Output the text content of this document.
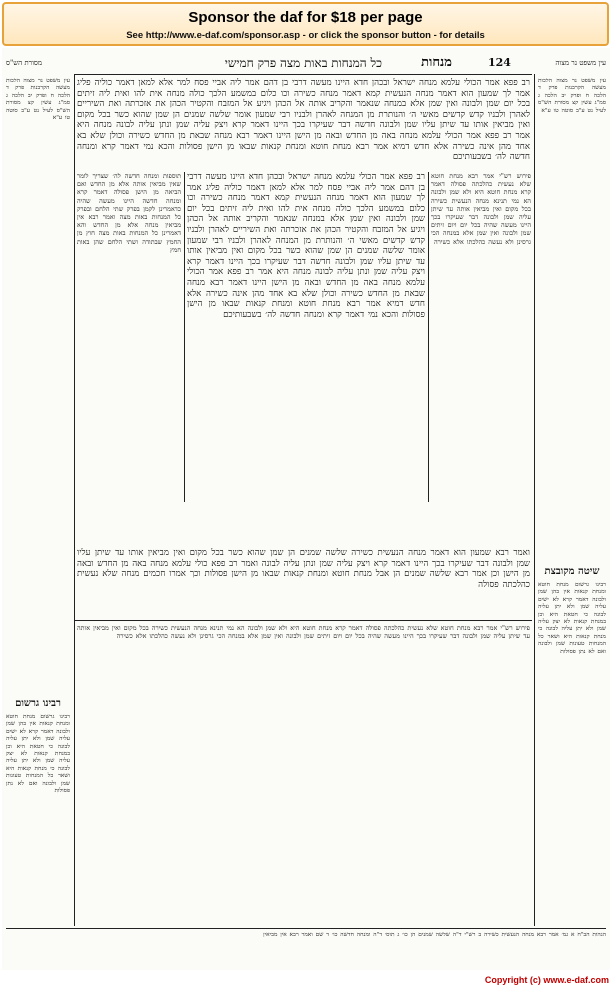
Sponsor the daf for $18 per page
See http://www.e-daf.com/sponsor.asp - or click the sponsor button - for details
מסורת הש"ס	כל המנחות באות מצה פרק חמישי	מנחות	124	עין משפט נר מצוה
רב פפא אמר הכולי עלמא מנחה ישראל ובכהן חדא היינו מעשה דרבי בן דהם אמר ליה אביי פסח למר אלא למאן דאמר כוליה פליג אמר לך שמעון הוא דאמר מנחה הנעשית קמא דאמר מנחה כשירה וכו כלום במשמע הלכך כולה מנחה אית להו ואית ליה זיתים בכל יום שמן ולבונה ואין שמן אלא במנחה שנאמר והקריב אותה אל הכהן ויגיע אל המזבח והקטיר הכהן את אזכרתה ואת השיריים לאהרן ולבניו קדש קדשים מאשי ה׳ והנותרת מן המנחה לאהרן ולבניו רבי שמעון אומר שלשה שמנים הן שמן שהוא כשר בכל מקום ואין מביאין אותו עד שיתן עליו שמן ולבונה חדשה דבר שעיקרו בכך היינו דאמר קרא ויצק עליה שמן ונתן עליה לבונה מנחה היא אמר רב פפא אמר הכולי עלמא מנחה באה מן החדש ובאה מן הישן היינו דאמר רבא מנחה שבאת מן החדש כשירה וכולן שלא בא אחד מהן אינה כשירה אלא חדש דמיא אמר רבא מנחת חוטא ומנחת קנאות שבאו מן הישן פסולות והכא נמי דאמר קרא ומנחה חדשה לה׳ בשבעותיכם
תוספות ומנחה חדשה לה׳ שצריך לומר שאין מביאין אותה אלא מן החדש ואם הביאה מן הישן פסולה דאמר קרא ומנחה חדשה היינו מעשה שהיה כדאמרינן לקמן בפרק שתי הלחם ובפרק כל המנחות באות מצה ואמר רבא אין מביאין מנחה אלא מן החדש והא דאמרינן כל המנחות באות מצה חוץ מן החמץ שבתודה ושתי הלחם שהן באות חמץ
רב פפא אמר הכולי עלמא מנחה ישראל ובכהן חדא היינו מעשה דרבי בן דהם אמר ליה אביי פסח למר אלא למאן דאמר כוליה פליג אמר לך שמעון הוא דאמר מנחה הנעשית קמא דאמר מנחה כשירה וכו כלום במשמע הלכך כולה מנחה אית להו ואית ליה זיתים בכל יום שמן ולבונה ואין שמן אלא במנחה שנאמר והקריב אותה אל הכהן ויגיע אל המזבח והקטיר הכהן את אזכרתה ואת השיריים לאהרן ולבניו קדש קדשים מאשי ה׳ והנותרת מן המנחה לאהרן ולבניו רבי שמעון אומר שלשה שמנים הן שמן שהוא כשר בכל מקום ואין מביאין אותו עד שיתן עליו שמן ולבונה חדשה דבר שעיקרו בכך היינו דאמר קרא ויצק עליה שמן ונתן עליה לבונה מנחה היא אמר רב פפא אמר הכולי עלמא מנחה באה מן החדש ובאה מן הישן היינו דאמר רבא מנחה שבאת מן החדש כשירה וכולן שלא בא אחד מהן אינה כשירה אלא חדש דמיא אמר רבא מנחת חוטא ומנחת קנאות שבאו מן הישן פסולות והכא נמי דאמר קרא ומנחה חדשה לה׳ בשבעותיכם
פירוש רש"י אמר רבא מנחת חוטא שלא נעשית כהלכתה פסולה דאמר קרא מנחת חוטא היא ולא שמן ולבונה הא נמי תנינא מנחה הנעשית כשירה בכל מקום ואין מביאין אותה עד שיתן עליה שמן ולבונה דבר שעיקרו בכך היינו מעשה שהיה בכל יום ויום זיתים שמן ולבונה ואין שמן אלא במנחה הכי גרסינן ולא נעשה כהלכתו אלא כשירה
ואמר רבא שמעון הוא דאמר מנחה הנעשית כשירה שלשה שמנים הן שמן שהוא כשר בכל מקום ואין מביאין אותו עד שיתן עליו שמן ולבונה דבר שעיקרו בכך היינו דאמר קרא ויצק עליה שמן ונתן עליה לבונה ואמר רב פפא כולי עלמא מנחה באה מן החדש ובאה מן הישן וכן אמר רבא שלשה שמנים הן אבל מנחת חוטא ומנחת קנאות שבאו מן הישן פסולות וכך אמרו חכמים מנחה שלא נעשית כהלכתה פסולה
פירוש רש"י אמר רבא מנחת חוטא שלא נעשית כהלכתה פסולה דאמר קרא מנחת חוטא היא ולא שמן ולבונה הא נמי תנינא מנחה הנעשית כשירה בכל מקום ואין מביאין אותה עד שיתן עליה שמן ולבונה דבר שעיקרו בכך היינו מעשה שהיה בכל יום ויום זיתים שמן ולבונה ואין שמן אלא במנחה הכי גרסינן ולא נעשה כהלכתו אלא כשירה
עין משפט נר מצוה הלכות מעשה הקרבנות פרק ד הלכה ח ופרק יב הלכה ג סמ"ג עשין קצ מסורת הש"ס לעיל נט ע"ב סוטה טו ע"א
רבינו גרשום
רבינו גרשום מנחת חוטא ומנחת קנאות אין בהן שמן ולבונה דאמר קרא לא ישים עליה שמן ולא יתן עליה לבונה כי חטאת היא וכן במנחת קנאות לא יצק עליה שמן ולא יתן עליה לבונה כי מנחת קנאות היא ושאר כל המנחות טעונות שמן ולבונה ואם לא נתן פסולות
עין משפט נר מצוה הלכות מעשה הקרבנות פרק ד הלכה ח ופרק יב הלכה ג סמ"ג עשין קצ מסורת הש"ס לעיל נט ע"ב סוטה טו ע"א
שיטה מקובצת
רבינו גרשום מנחת חוטא ומנחת קנאות אין בהן שמן ולבונה דאמר קרא לא ישים עליה שמן ולא יתן עליה לבונה כי חטאת היא וכן במנחת קנאות לא יצק עליה שמן ולא יתן עליה לבונה כי מנחת קנאות היא ושאר כל המנחות טעונות שמן ולבונה ואם לא נתן פסולות
הגהות הב"ח א גמ׳ אמר רבא מנחה הנעשית כשירה ב רש"י ד"ה שלשה שמנים הן כו׳ ג תוס׳ ד"ה ומנחה חדשה כו׳ ד שם ואמר רבא אין מביאין
Copyright (c) www.e-daf.com
